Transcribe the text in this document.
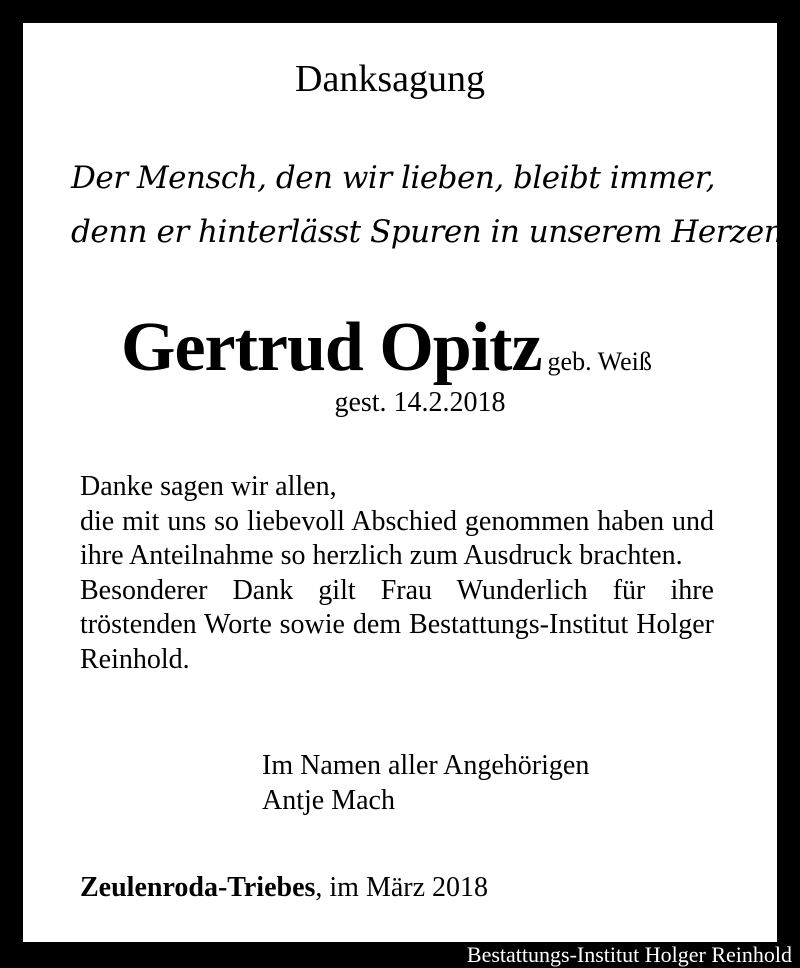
Danksagung
Der Mensch, den wir lieben, bleibt immer,
denn er hinterlässt Spuren in unserem Herzen.
Gertrud Opitz geb. Weiß
gest. 14.2.2018

Danke sagen wir allen,

die mit uns so liebevoll Abschied genommen haben und ihre Anteilnahme so herzlich zum Ausdruck brachten.

Besonderer Dank gilt Frau Wunderlich für ihre tröstenden Worte sowie dem Bestattungs-Institut Holger Reinhold.

Im Namen aller Angehörigen
Antje Mach
Zeulenroda-Triebes, im März 2018
Bestattungs-Institut Holger Reinhold
